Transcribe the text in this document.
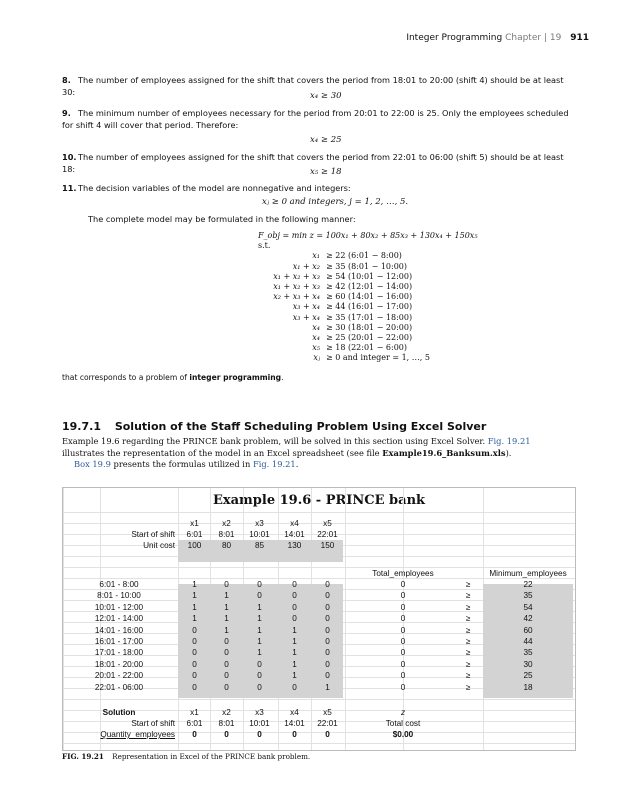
Integer Programming Chapter | 19 911
8. The number of employees assigned for the shift that covers the period from 18:01 to 20:00 (shift 4) should be at least 30:	x₄ ≥ 30
9. The minimum number of employees necessary for the period from 20:01 to 22:00 is 25. Only the employees scheduled for shift 4 will cover that period. Therefore:
x₄ ≥ 25
10.The number of employees assigned for the shift that covers the period from 22:01 to 06:00 (shift 5) should be at least 18:	x₅ ≥ 18
11.The decision variables of the model are nonnegative and integers:
xⱼ ≥ 0 and integers, j = 1, 2, …, 5.
The complete model may be formulated in the following manner:
F_obj = min z = 100x₁ + 80x₂ + 85x₃ + 130x₄ + 150x₅
s.t.
x₁ ≥ 22 (6:01 − 8:00)
x₁ + x₂ ≥ 35 (8:01 − 10:00)
x₁ + x₂ + x₃ ≥ 54 (10:01 − 12:00)
x₁ + x₂ + x₃ ≥ 42 (12:01 − 14:00)
x₂ + x₃ + x₄ ≥ 60 (14:01 − 16:00)
x₃ + x₄ ≥ 44 (16:01 − 17:00)
x₃ + x₄ ≥ 35 (17:01 − 18:00)
x₄ ≥ 30 (18:01 − 20:00)
x₄ ≥ 25 (20:01 − 22:00)
x₅ ≥ 18 (22:01 − 6:00)
xⱼ ≥ 0 and integer = 1, …, 5
that corresponds to a problem of integer programming.
19.7.1 Solution of the Staff Scheduling Problem Using Excel Solver
Example 19.6 regarding the PRINCE bank problem, will be solved in this section using Excel Solver. Fig. 19.21 illustrates the representation of the model in an Excel spreadsheet (see file Example19.6_Banksum.xls).
Box 19.9 presents the formulas utilized in Fig. 19.21.
Example 19.6 - PRINCE bank
x1	x2	x3	x4	x5
Start of shift	6:01	8:01	10:01	14:01	22:01
Unit cost	100	80	85	130	150
Total_employees	Minimum_employees
6:01 - 8:00	1	0	0	0	0	0	≥	22
8:01 - 10:00	1	1	0	0	0	0	≥	35
10:01 - 12:00	1	1	1	0	0	0	≥	54
12:01 - 14:00	1	1	1	0	0	0	≥	42
14:01 - 16:00	0	1	1	1	0	0	≥	60
16:01 - 17:00	0	0	1	1	0	0	≥	44
17:01 - 18:00	0	0	1	1	0	0	≥	35
18:01 - 20:00	0	0	0	1	0	0	≥	30
20:01 - 22:00	0	0	0	1	0	0	≥	25
22:01 - 06:00	0	0	0	0	1	0	≥	18
Solution	x1	x2	x3	x4	x5	z
Start of shift	6:01	8:01	10:01	14:01	22:01	Total cost
Quantity_employees	0	0	0	0	0	$0.00
FIG. 19.21 Representation in Excel of the PRINCE bank problem.
